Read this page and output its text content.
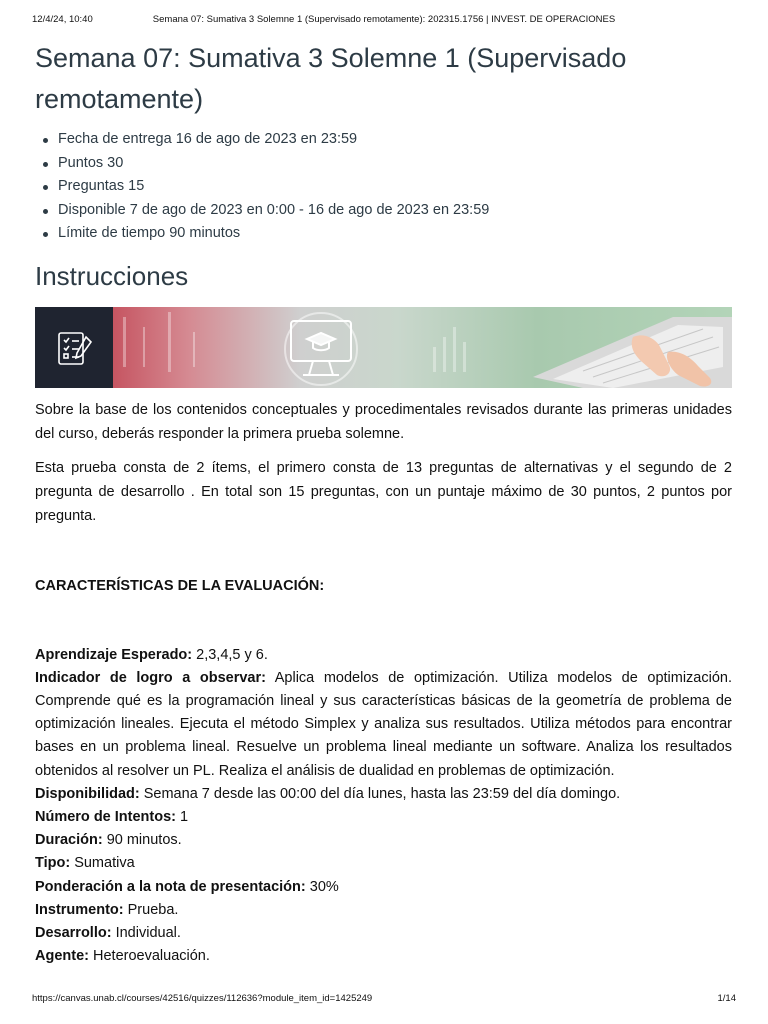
12/4/24, 10:40	Semana 07: Sumativa 3 Solemne 1 (Supervisado remotamente): 202315.1756 | INVEST. DE OPERACIONES
Semana 07: Sumativa 3 Solemne 1 (Supervisado remotamente)
Fecha de entrega 16 de ago de 2023 en 23:59
Puntos 30
Preguntas 15
Disponible 7 de ago de 2023 en 0:00 - 16 de ago de 2023 en 23:59
Límite de tiempo 90 minutos
Instrucciones

Sobre la base de los contenidos conceptuales y procedimentales revisados durante las primeras unidades del curso, deberás responder la primera prueba solemne.

Esta prueba consta de 2 ítems, el primero consta de 13 preguntas de alternativas y el segundo de 2 pregunta de desarrollo . En total son 15 preguntas, con un puntaje máximo de 30 puntos, 2 puntos por pregunta.

CARACTERÍSTICAS DE LA EVALUACIÓN:
Aprendizaje Esperado: 2,3,4,5 y 6.
Indicador de logro a observar: Aplica modelos de optimización. Utiliza modelos de optimización. Comprende qué es la programación lineal y sus características básicas de la geometría de problema de optimización lineales. Ejecuta el método Simplex y analiza sus resultados. Utiliza métodos para encontrar bases en un problema lineal. Resuelve un problema lineal mediante un software. Analiza los resultados obtenidos al resolver un PL. Realiza el análisis de dualidad en problemas de optimización.
Disponibilidad: Semana 7 desde las 00:00 del día lunes, hasta las 23:59 del día domingo.
Número de Intentos: 1
Duración: 90 minutos.
Tipo: Sumativa
Ponderación a la nota de presentación: 30%
Instrumento: Prueba.
Desarrollo: Individual.
Agente: Heteroevaluación.
https://canvas.unab.cl/courses/42516/quizzes/112636?module_item_id=1425249	1/14
